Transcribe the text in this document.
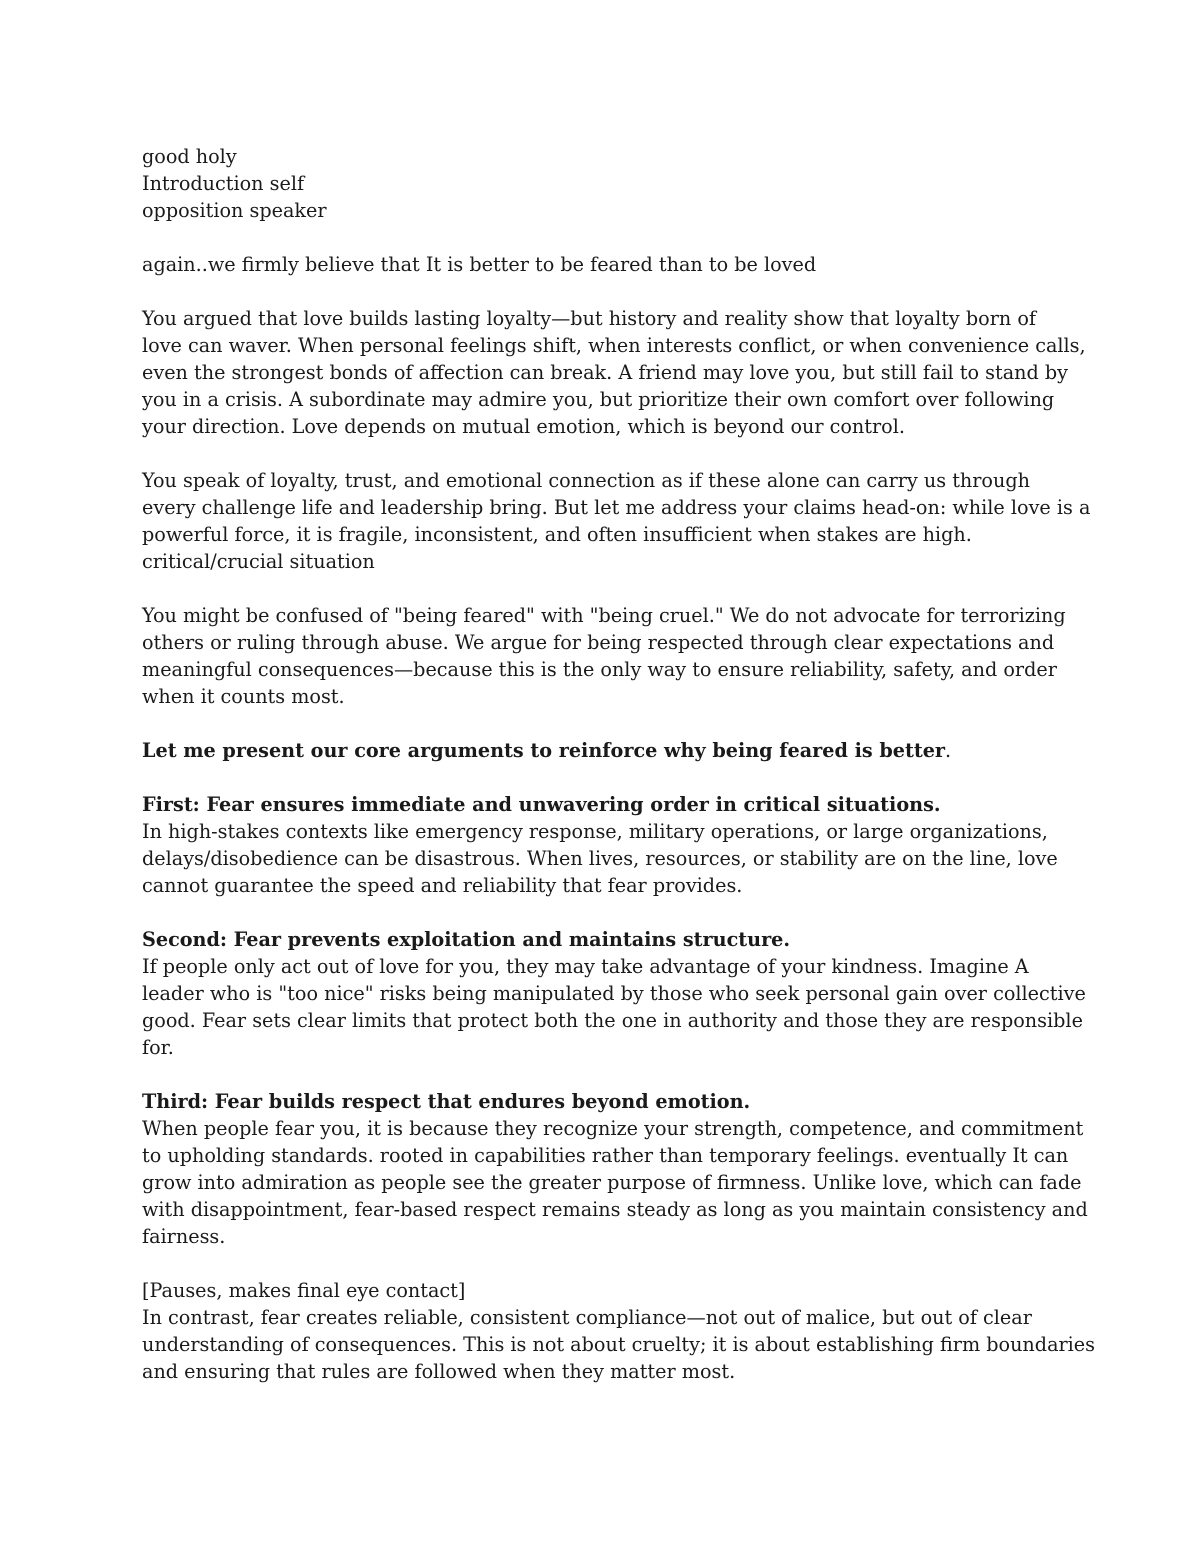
good holy
Introduction self
opposition speaker

again..we firmly believe that It is better to be feared than to be loved

You argued that love builds lasting loyalty—but history and reality show that loyalty born of
love can waver. When personal feelings shift, when interests conflict, or when convenience calls,
even the strongest bonds of affection can break. A friend may love you, but still fail to stand by
you in a crisis. A subordinate may admire you, but prioritize their own comfort over following
your direction. Love depends on mutual emotion, which is beyond our control.

You speak of loyalty, trust, and emotional connection as if these alone can carry us through
every challenge life and leadership bring. But let me address your claims head-on: while love is a
powerful force, it is fragile, inconsistent, and often insufficient when stakes are high.
critical/crucial situation

You might be confused of "being feared" with "being cruel." We do not advocate for terrorizing
others or ruling through abuse. We argue for being respected through clear expectations and
meaningful consequences—because this is the only way to ensure reliability, safety, and order
when it counts most.

Let me present our core arguments to reinforce why being feared is better.

First: Fear ensures immediate and unwavering order in critical situations.
In high-stakes contexts like emergency response, military operations, or large organizations,
delays/disobedience can be disastrous. When lives, resources, or stability are on the line, love
cannot guarantee the speed and reliability that fear provides.

Second: Fear prevents exploitation and maintains structure.
If people only act out of love for you, they may take advantage of your kindness. Imagine A
leader who is "too nice" risks being manipulated by those who seek personal gain over collective
good. Fear sets clear limits that protect both the one in authority and those they are responsible
for.

Third: Fear builds respect that endures beyond emotion.
When people fear you, it is because they recognize your strength, competence, and commitment
to upholding standards. rooted in capabilities rather than temporary feelings. eventually It can
grow into admiration as people see the greater purpose of firmness. Unlike love, which can fade
with disappointment, fear-based respect remains steady as long as you maintain consistency and
fairness.

[Pauses, makes final eye contact]
In contrast, fear creates reliable, consistent compliance—not out of malice, but out of clear
understanding of consequences. This is not about cruelty; it is about establishing firm boundaries
and ensuring that rules are followed when they matter most.
